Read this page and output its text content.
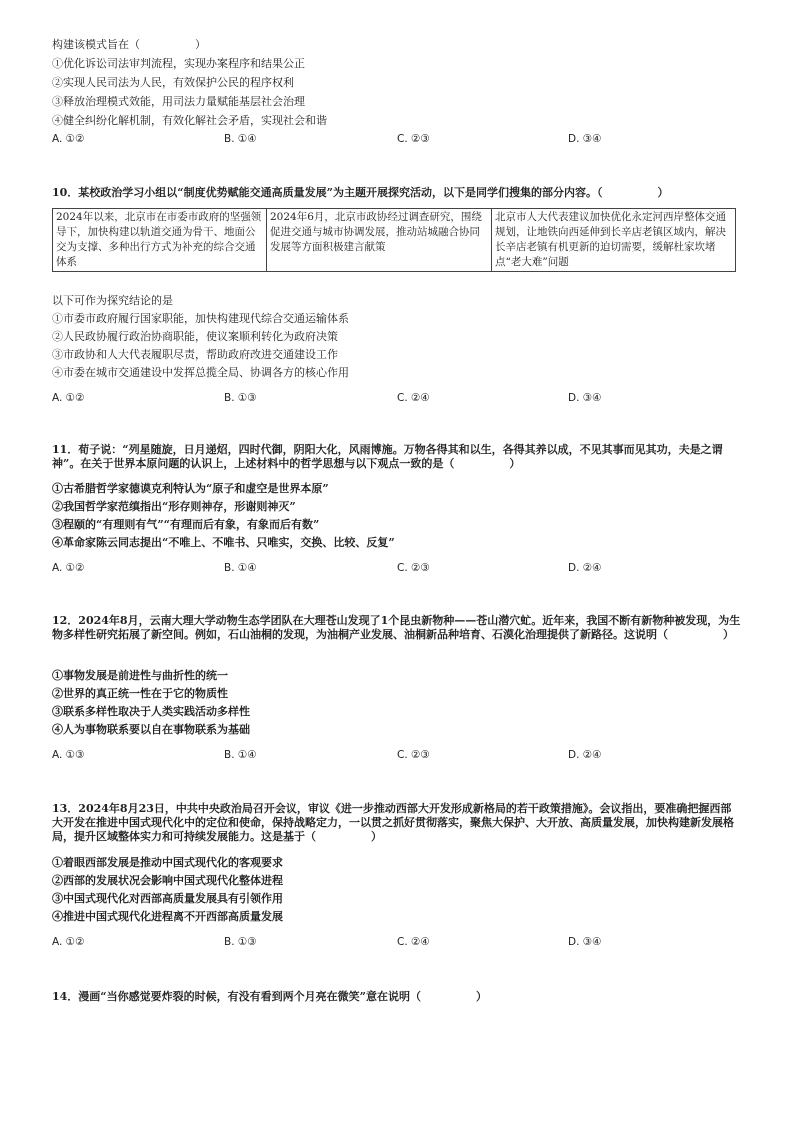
构建该模式旨在（　　　　　）
①优化诉讼司法审判流程，实现办案程序和结果公正
②实现人民司法为人民，有效保护公民的程序权利
③释放治理模式效能，用司法力量赋能基层社会治理
④健全纠纷化解机制，有效化解社会矛盾，实现社会和谐
A. ①②	B. ①④	C. ②③	D. ③④
10．某校政治学习小组以“制度优势赋能交通高质量发展”为主题开展探究活动，以下是同学们搜集的部分内容。（　　　　　）
2024年以来，北京市在市委市政府的坚强领导下，加快构建以轨道交通为骨干、地面公交为支撑、多种出行方式为补充的综合交通体系	2024年6月，北京市政协经过调查研究，围绕促进交通与城市协调发展，推动站城融合协同发展等方面积极建言献策	北京市人大代表建议加快优化永定河西岸整体交通规划，让地铁向西延伸到长辛店老镇区域内，解决长辛店老镇有机更新的迫切需要，缓解杜家坎堵点“老大难”问题
以下可作为探究结论的是
①市委市政府履行国家职能，加快构建现代综合交通运输体系
②人民政协履行政治协商职能，使议案顺利转化为政府决策
③市政协和人大代表履职尽责，帮助政府改进交通建设工作
④市委在城市交通建设中发挥总揽全局、协调各方的核心作用
A. ①②	B. ①③	C. ②④	D. ③④
11．荀子说：“列星随旋，日月递炤，四时代御，阴阳大化，风雨博施。万物各得其和以生，各得其养以成，不见其事而见其功，夫是之谓神”。在关于世界本原问题的认识上，上述材料中的哲学思想与以下观点一致的是（　　　　　）
①古希腊哲学家德谟克利特认为“原子和虚空是世界本原”
②我国哲学家范缜指出“形存则神存，形谢则神灭”
③程颐的“有理则有气”“有理而后有象，有象而后有数”
④革命家陈云同志提出“不唯上、不唯书、只唯实，交换、比较、反复”
A. ①②	B. ①④	C. ②③	D. ②④
12．2024年8月，云南大理大学动物生态学团队在大理苍山发现了1个昆虫新物种——苍山潜穴虻。近年来，我国不断有新物种被发现，为生物多样性研究拓展了新空间。例如，石山油桐的发现，为油桐产业发展、油桐新品种培育、石漠化治理提供了新路径。这说明（　　　　　）
①事物发展是前进性与曲折性的统一
②世界的真正统一性在于它的物质性
③联系多样性取决于人类实践活动多样性
④人为事物联系要以自在事物联系为基础
A. ①③	B. ①④	C. ②③	D. ②④
13．2024年8月23日，中共中央政治局召开会议，审议《进一步推动西部大开发形成新格局的若干政策措施》。会议指出，要准确把握西部大开发在推进中国式现代化中的定位和使命，保持战略定力，一以贯之抓好贯彻落实，聚焦大保护、大开放、高质量发展，加快构建新发展格局，提升区域整体实力和可持续发展能力。这是基于（　　　　　）
①着眼西部发展是推动中国式现代化的客观要求
②西部的发展状况会影响中国式现代化整体进程
③中国式现代化对西部高质量发展具有引领作用
④推进中国式现代化进程离不开西部高质量发展
A. ①②	B. ①③	C. ②④	D. ③④
14．漫画“当你感觉要炸裂的时候，有没有看到两个月亮在微笑”意在说明（　　　　　）
